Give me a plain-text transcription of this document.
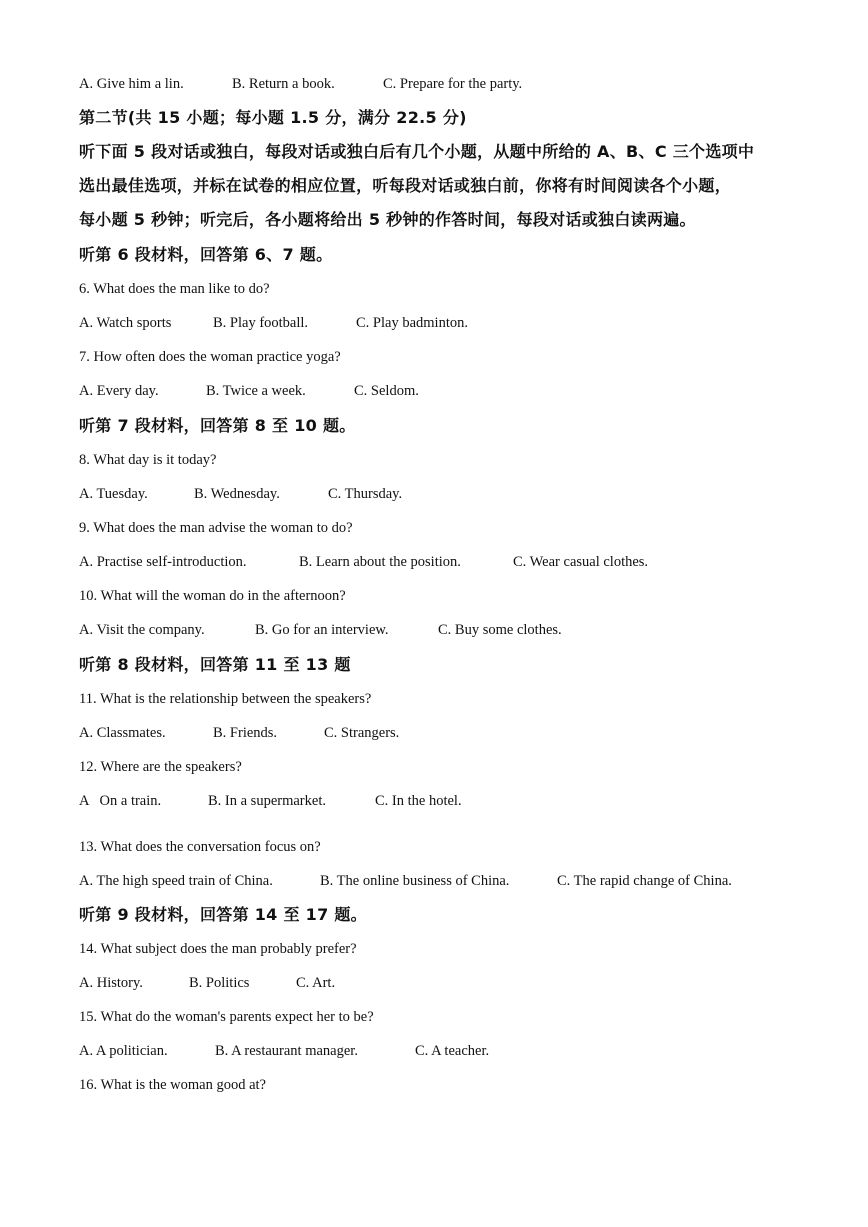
A. Give him a lin.	B. Return a book.	C. Prepare for the party.
第二节(共 15 小题；每小题 1.5 分，满分 22.5 分)
听下面 5 段对话或独白，每段对话或独白后有几个小题，从题中所给的 A、B、C 三个选项中
选出最佳选项，并标在试卷的相应位置，听每段对话或独白前，你将有时间阅读各个小题，
每小题 5 秒钟；听完后，各小题将给出 5 秒钟的作答时间，每段对话或独白读两遍。
听第 6 段材料，回答第 6、7 题。
6. What does the man like to do?
A. Watch sports	B. Play football.	C. Play badminton.
7. How often does the woman practice yoga?
A. Every day.	B. Twice a week.	C. Seldom.
听第 7 段材料，回答第 8 至 10 题。
8. What day is it today?
A. Tuesday.	B. Wednesday.	C. Thursday.
9. What does the man advise the woman to do?
A. Practise self-introduction.	B. Learn about the position.	C. Wear casual clothes.
10. What will the woman do in the afternoon?
A. Visit the company.	B. Go for an interview.	C. Buy some clothes.
听第 8 段材料，回答第 11 至 13 题
11. What is the relationship between the speakers?
A. Classmates.	B. Friends.	C. Strangers.
12. Where are the speakers?
A   On a train.	B. In a supermarket.	C. In the hotel.
13. What does the conversation focus on?
A. The high speed train of China.	B. The online business of China.	C. The rapid change of China.
听第 9 段材料，回答第 14 至 17 题。
14. What subject does the man probably prefer?
A. History.	B. Politics	C. Art.
15. What do the woman's parents expect her to be?
A. A politician.	B. A restaurant manager.	C. A teacher.
16. What is the woman good at?
